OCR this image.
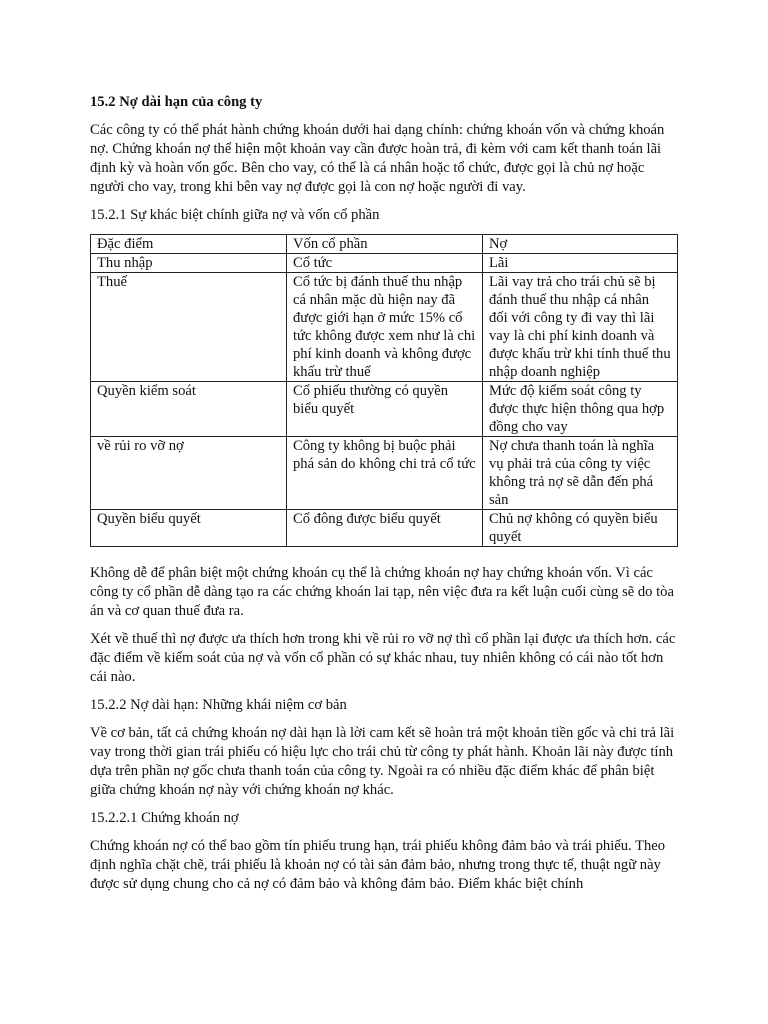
15.2 Nợ dài hạn của công ty

Các công ty có thể phát hành chứng khoán dưới hai dạng chính: chứng khoán vốn và chứng khoán nợ. Chứng khoán nợ thể hiện một khoản vay cần được hoàn trả, đi kèm với cam kết thanh toán lãi định kỳ và hoàn vốn gốc. Bên cho vay, có thể là cá nhân hoặc tổ chức, được gọi là chủ nợ hoặc người cho vay, trong khi bên vay nợ được gọi là con nợ hoặc người đi vay.

15.2.1 Sự khác biệt chính giữa nợ và vốn cổ phần
Đặc điểm	Vốn cổ phần	Nợ
Thu nhập	Cổ tức	Lãi
Thuế	Cổ tức bị đánh thuế thu nhập cá nhân mặc dù hiện nay đã được giới hạn ở mức 15% cổ tức không được xem như là chi phí kinh doanh và không được khấu trừ thuế	Lãi vay trả cho trái chủ sẽ bị đánh thuế thu nhập cá nhân đối với công ty đi vay thì lãi vay là chi phí kinh doanh và được khấu trừ khi tính thuế thu nhập doanh nghiệp
Quyền kiểm soát	Cổ phiếu thường có quyền biểu quyết	Mức độ kiểm soát công ty được thực hiện thông qua hợp đồng cho vay
về rủi ro vỡ nợ	Công ty không bị buộc phải phá sản do không chi trả cổ tức	Nợ chưa thanh toán là nghĩa vụ phải trả của công ty việc không trả nợ sẽ dẫn đến phá sản
Quyền biểu quyết	Cổ đông được biểu quyết	Chủ nợ không có quyền biểu quyết

Không dễ để phân biệt một chứng khoán cụ thể là chứng khoán nợ hay chứng khoán vốn. Vì các công ty cổ phần dễ dàng tạo ra các chứng khoán lai tạp, nên việc đưa ra kết luận cuối cùng sẽ do tòa án và cơ quan thuế đưa ra.

Xét về thuế thì nợ được ưa thích hơn trong khi về rủi ro vỡ nợ thì cổ phần lại được ưa thích hơn. các đặc điểm về kiểm soát của nợ và vốn cổ phần có sự khác nhau, tuy nhiên không có cái nào tốt hơn cái nào.

15.2.2 Nợ dài hạn: Những khái niệm cơ bản

Về cơ bản, tất cả chứng khoán nợ dài hạn là lời cam kết sẽ hoàn trả một khoản tiền gốc và chi trả lãi vay trong thời gian trái phiếu có hiệu lực cho trái chủ từ công ty phát hành. Khoản lãi này được tính dựa trên phần nợ gốc chưa thanh toán của công ty. Ngoài ra có nhiều đặc điểm khác để phân biệt giữa chứng khoán nợ này với chứng khoán nợ khác.

15.2.2.1 Chứng khoán nợ

Chứng khoán nợ có thể bao gồm tín phiếu trung hạn, trái phiếu không đảm bảo và trái phiếu. Theo định nghĩa chặt chẽ, trái phiếu là khoản nợ có tài sản đảm bảo, nhưng trong thực tế, thuật ngữ này được sử dụng chung cho cả nợ có đảm bảo và không đảm bảo. Điểm khác biệt chính
